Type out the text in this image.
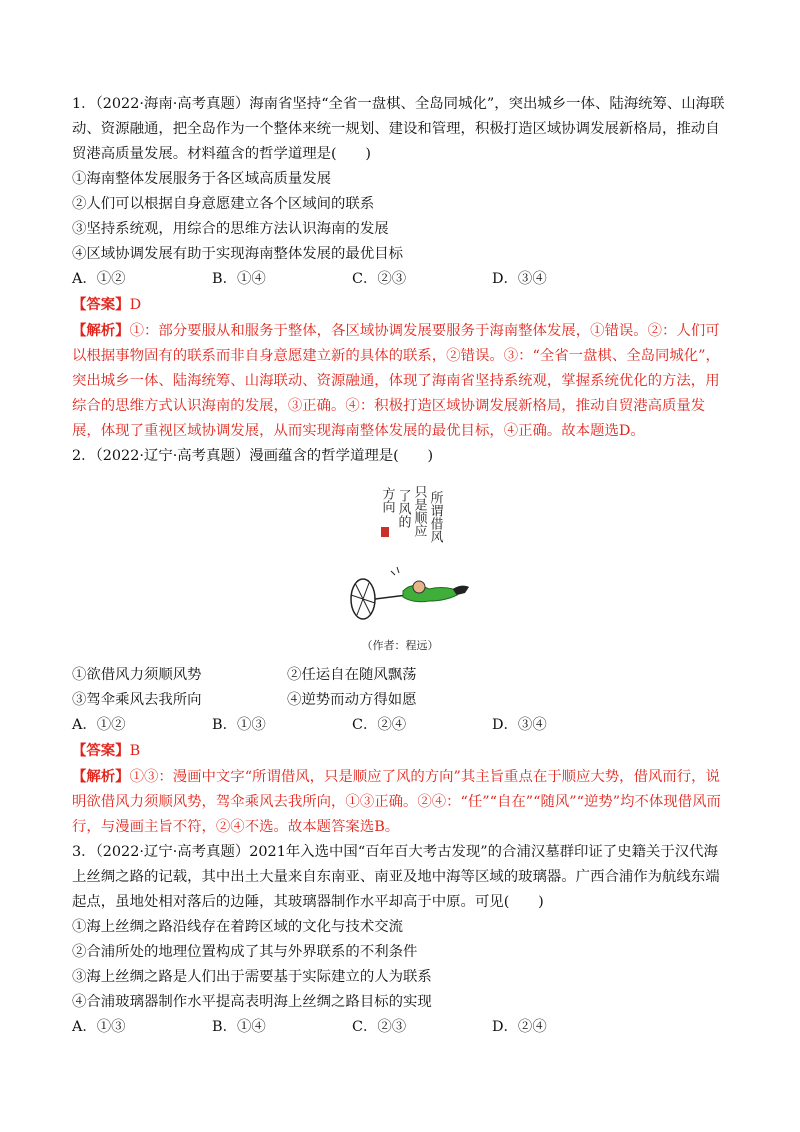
1．（2022·海南·高考真题）海南省坚持“全省一盘棋、全岛同城化”，突出城乡一体、陆海统筹、山海联动、资源融通，把全岛作为一个整体来统一规划、建设和管理，积极打造区域协调发展新格局，推动自贸港高质量发展。材料蕴含的哲学道理是(　　)

①海南整体发展服务于各区域高质量发展

②人们可以根据自身意愿建立各个区域间的联系

③坚持系统观，用综合的思维方法认识海南的发展

④区域协调发展有助于实现海南整体发展的最优目标

A．①②	B．①④	C．②③	D．③④

【答案】D

【解析】①：部分要服从和服务于整体，各区域协调发展要服务于海南整体发展，①错误。②：人们可以根据事物固有的联系而非自身意愿建立新的具体的联系，②错误。③：“全省一盘棋、全岛同城化”，突出城乡一体、陆海统筹、山海联动、资源融通，体现了海南省坚持系统观，掌握系统优化的方法，用综合的思维方式认识海南的发展，③正确。④：积极打造区域协调发展新格局，推动自贸港高质量发展，体现了重视区域协调发展，从而实现海南整体发展的最优目标，④正确。故本题选D。

2．（2022·辽宁·高考真题）漫画蕴含的哲学道理是(　　)

所谓借风
只是顺应
了风的
方向
（作者：程远）
①欲借风力须顺风势	②任运自在随风飘荡
③驾伞乘风去我所向	④逆势而动方得如愿
A．①②	B．①③	C．②④	D．③④

【答案】B

【解析】①③：漫画中文字“所谓借风，只是顺应了风的方向”其主旨重点在于顺应大势，借风而行，说明欲借风力须顺风势，驾伞乘风去我所向，①③正确。②④：“任”“自在”“随风”“逆势”均不体现借风而行，与漫画主旨不符，②④不选。故本题答案选B。

3．（2022·辽宁·高考真题）2021年入选中国“百年百大考古发现”的合浦汉墓群印证了史籍关于汉代海上丝绸之路的记载，其中出土大量来自东南亚、南亚及地中海等区域的玻璃器。广西合浦作为航线东端起点，虽地处相对落后的边陲，其玻璃器制作水平却高于中原。可见(　　)

①海上丝绸之路沿线存在着跨区域的文化与技术交流

②合浦所处的地理位置构成了其与外界联系的不利条件

③海上丝绸之路是人们出于需要基于实际建立的人为联系

④合浦玻璃器制作水平提高表明海上丝绸之路目标的实现

A．①③	B．①④	C．②③	D．②④
